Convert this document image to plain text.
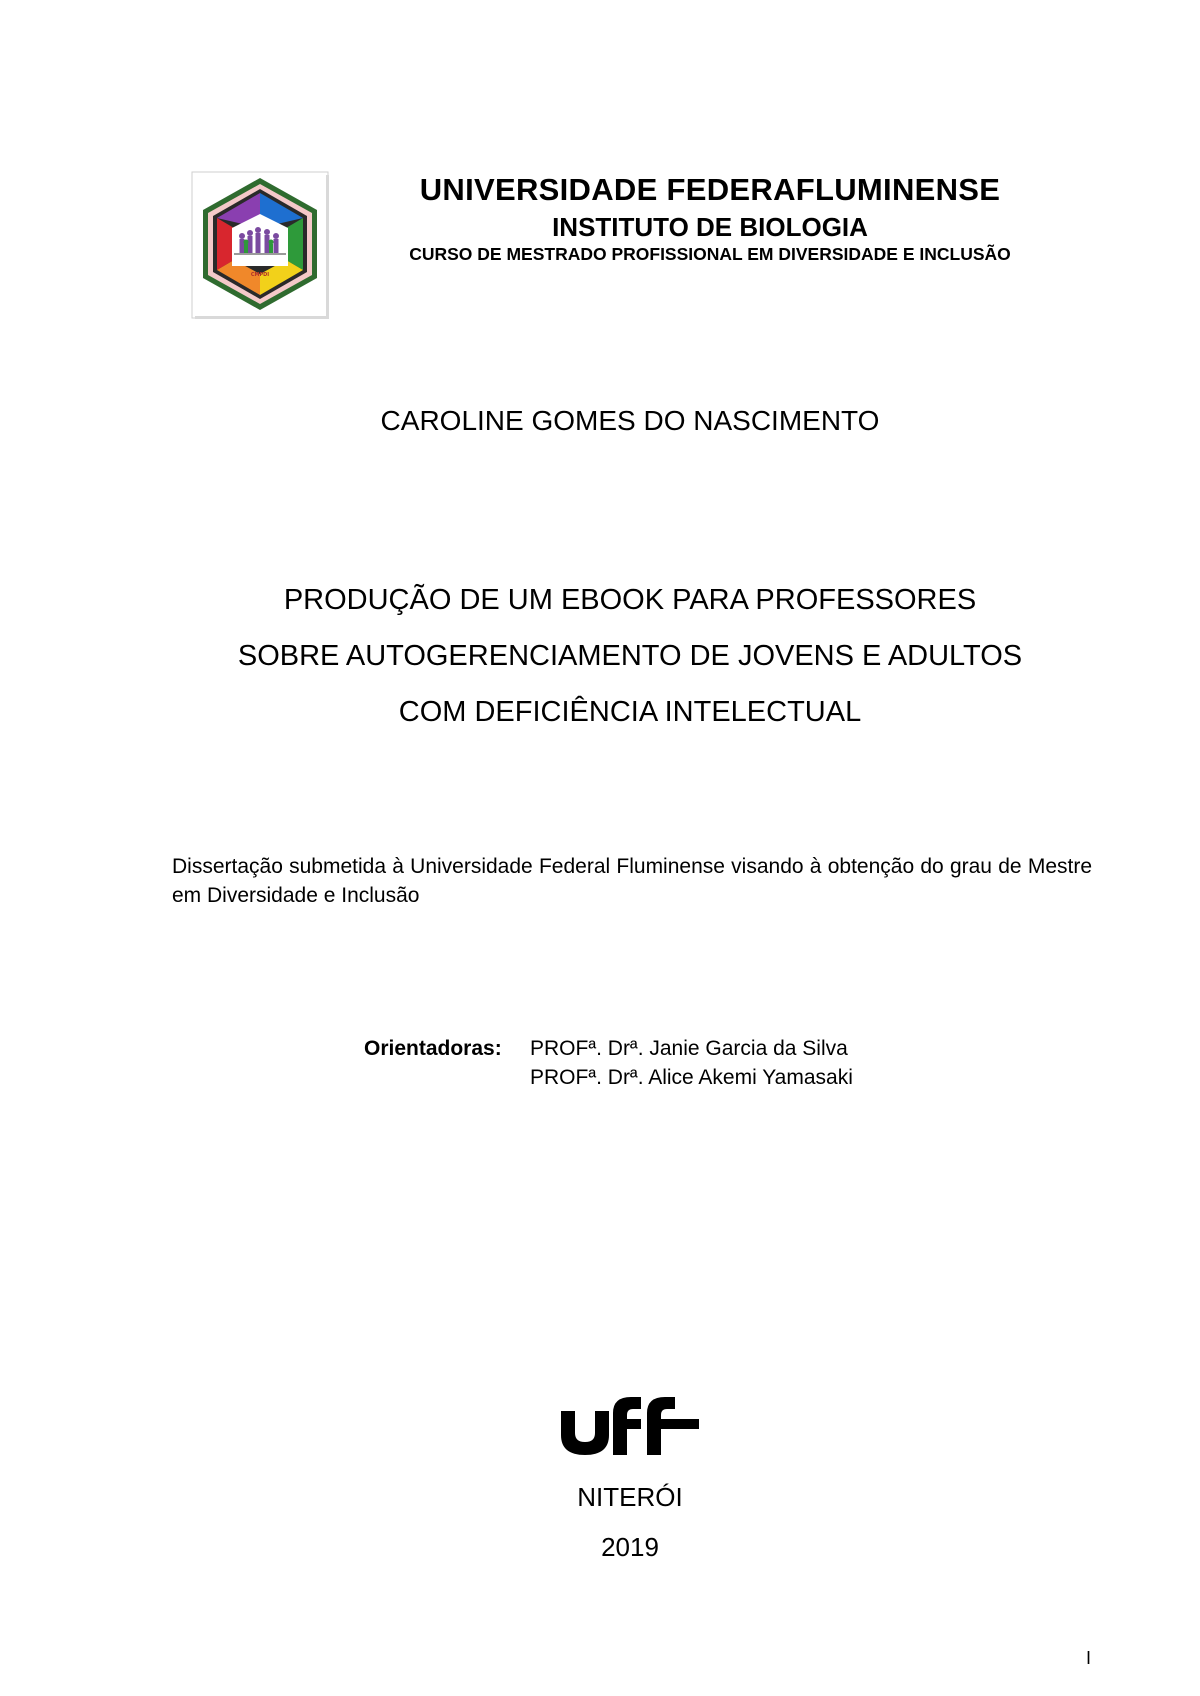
CMPDI
UNIVERSIDADE FEDERAFLUMINENSE
INSTITUTO DE BIOLOGIA
CURSO DE MESTRADO PROFISSIONAL EM DIVERSIDADE E INCLUSÃO
CAROLINE GOMES DO NASCIMENTO
PRODUÇÃO DE UM EBOOK PARA PROFESSORES
SOBRE AUTOGERENCIAMENTO DE JOVENS E ADULTOS
COM DEFICIÊNCIA INTELECTUAL
Dissertação submetida à Universidade Federal Fluminense visando à obtenção do grau de Mestre em Diversidade e Inclusão
Orientadoras:	PROFª. Drª. Janie Garcia da Silva
PROFª. Drª. Alice Akemi Yamasaki
NITERÓI
2019
I
